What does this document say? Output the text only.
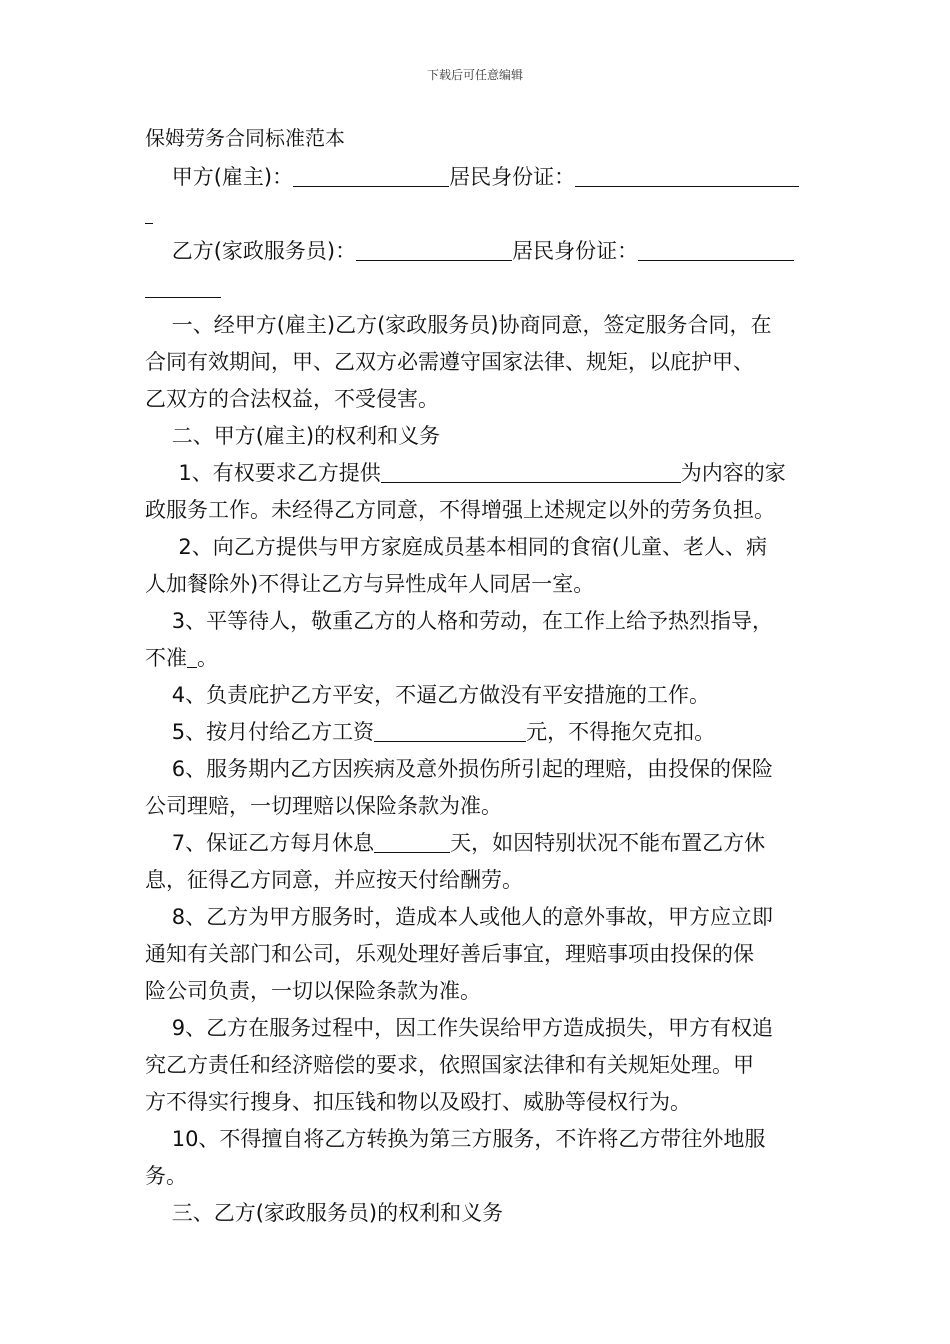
下载后可任意编辑
保姆劳务合同标准范本
甲方(雇主)：	居民身份证：
乙方(家政服务员)：	居民身份证：
一、经甲方(雇主)乙方(家政服务员)协商同意，签定服务合同，在
合同有效期间，甲、乙双方必需遵守国家法律、规矩，以庇护甲、
乙双方的合法权益，不受侵害。
二、甲方(雇主)的权利和义务
1、有权要求乙方提供	为内容的家
政服务工作。未经得乙方同意，不得增强上述规定以外的劳务负担。
2、向乙方提供与甲方家庭成员基本相同的食宿(儿童、老人、病
人加餐除外)不得让乙方与异性成年人同居一室。
3、平等待人，敬重乙方的人格和劳动，在工作上给予热烈指导，
不准 。
4、负责庇护乙方平安，不逼乙方做没有平安措施的工作。
5、按月付给乙方工资	元，不得拖欠克扣。
6、服务期内乙方因疾病及意外损伤所引起的理赔，由投保的保险
公司理赔，一切理赔以保险条款为准。
7、保证乙方每月休息	天，如因特别状况不能布置乙方休
息，征得乙方同意，并应按天付给酬劳。
8、乙方为甲方服务时，造成本人或他人的意外事故，甲方应立即
通知有关部门和公司，乐观处理好善后事宜，理赔事项由投保的保
险公司负责，一切以保险条款为准。
9、乙方在服务过程中，因工作失误给甲方造成损失，甲方有权追
究乙方责任和经济赔偿的要求，依照国家法律和有关规矩处理。甲
方不得实行搜身、扣压钱和物以及殴打、威胁等侵权行为。
10、不得擅自将乙方转换为第三方服务，不许将乙方带往外地服
务。
三、乙方(家政服务员)的权利和义务
